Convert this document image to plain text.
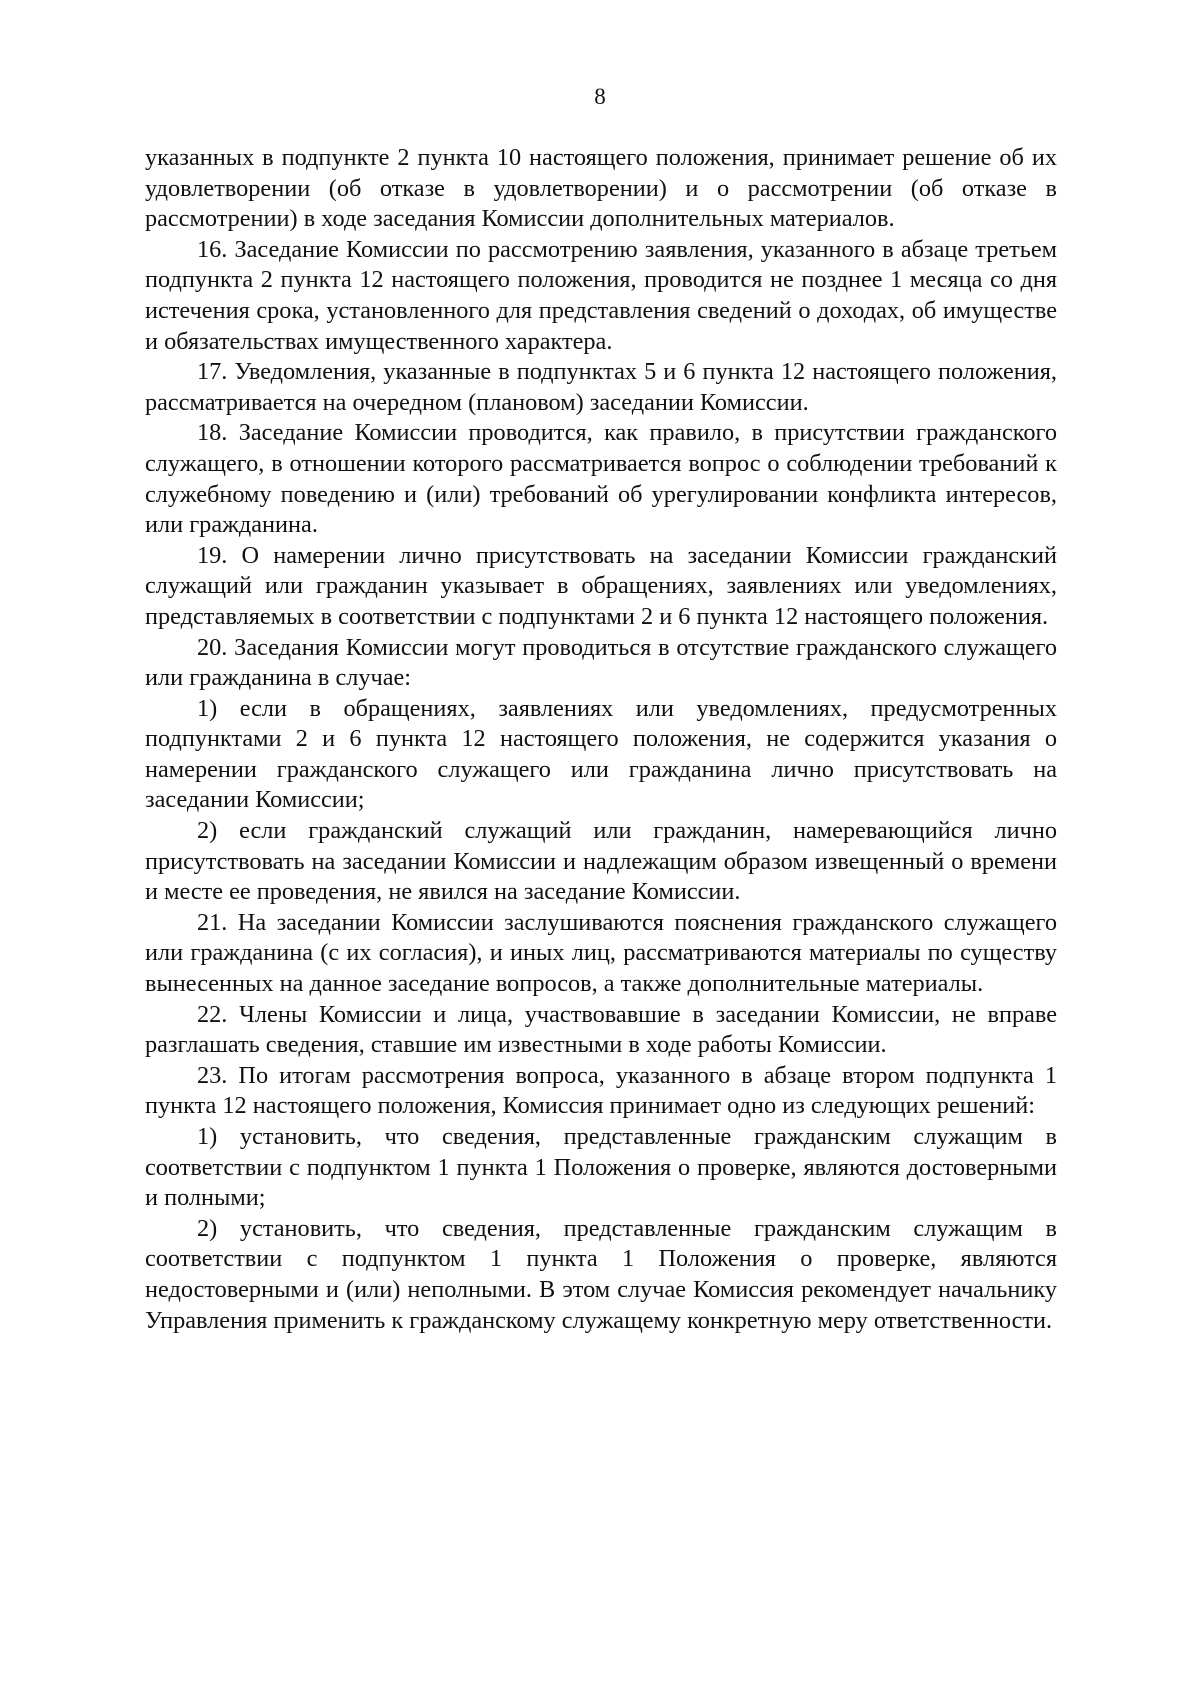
8

указанных в подпункте 2 пункта 10 настоящего положения, принимает решение об их удовлетворении (об отказе в удовлетворении) и о рассмотрении (об отказе в рассмотрении) в ходе заседания Комиссии дополнительных материалов.

16. Заседание Комиссии по рассмотрению заявления, указанного в абзаце третьем подпункта 2 пункта 12 настоящего положения, проводится не позднее 1 месяца со дня истечения срока, установленного для представления сведений о доходах, об имуществе и обязательствах имущественного характера.

17. Уведомления, указанные в подпунктах 5 и 6 пункта 12 настоящего положения, рассматривается на очередном (плановом) заседании Комиссии.

18. Заседание Комиссии проводится, как правило, в присутствии гражданского служащего, в отношении которого рассматривается вопрос о соблюдении требований к служебному поведению и (или) требований об урегулировании конфликта интересов, или гражданина.

19. О намерении лично присутствовать на заседании Комиссии гражданский служащий или гражданин указывает в обращениях, заявлениях или уведомлениях, представляемых в соответствии с подпунктами 2 и 6 пункта 12 настоящего положения.

20. Заседания Комиссии могут проводиться в отсутствие гражданского служащего или гражданина в случае:

1) если в обращениях, заявлениях или уведомлениях, предусмотренных подпунктами 2 и 6 пункта 12 настоящего положения, не содержится указания о намерении гражданского служащего или гражданина лично присутствовать на заседании Комиссии;

2) если гражданский служащий или гражданин, намеревающийся лично присутствовать на заседании Комиссии и надлежащим образом извещенный о времени и месте ее проведения, не явился на заседание Комиссии.

21. На заседании Комиссии заслушиваются пояснения гражданского служащего или гражданина (с их согласия), и иных лиц, рассматриваются материалы по существу вынесенных на данное заседание вопросов, а также дополнительные материалы.

22. Члены Комиссии и лица, участвовавшие в заседании Комиссии, не вправе разглашать сведения, ставшие им известными в ходе работы Комиссии.

23. По итогам рассмотрения вопроса, указанного в абзаце втором подпункта 1 пункта 12 настоящего положения, Комиссия принимает одно из следующих решений:

1) установить, что сведения, представленные гражданским служащим в соответствии с подпунктом 1 пункта 1 Положения о проверке, являются достоверными и полными;

2) установить, что сведения, представленные гражданским служащим в соответствии с подпунктом 1 пункта 1 Положения о проверке, являются недостоверными и (или) неполными. В этом случае Комиссия рекомендует начальнику Управления применить к гражданскому служащему конкретную меру ответственности.
